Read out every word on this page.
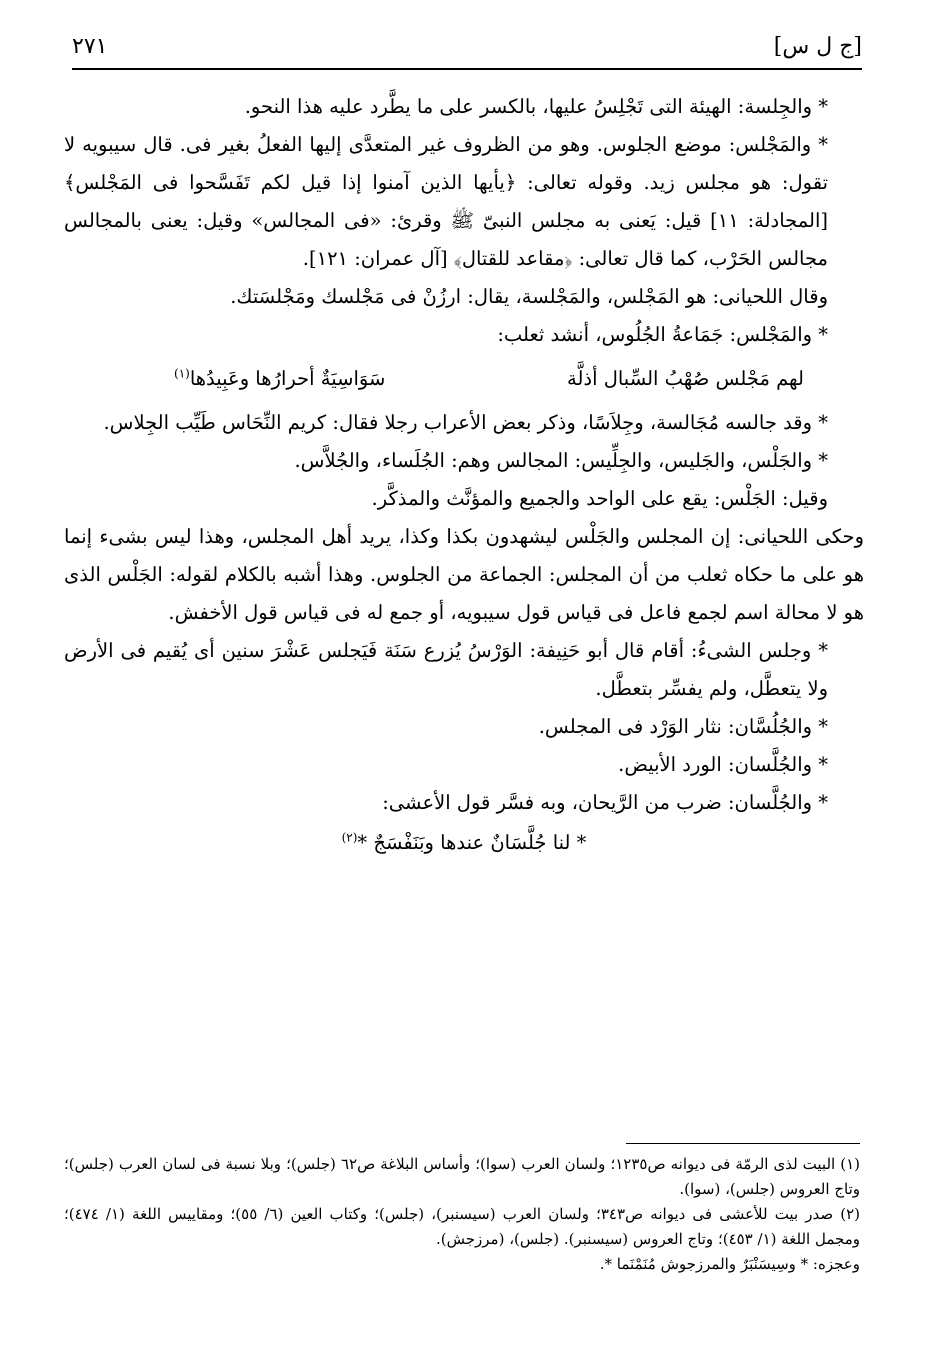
٢٧١	[ج ل س]

* والجِلسة: الهيئة التى تَجْلِسُ عليها، بالكسر على ما يطَّرد عليه هذا النحو.

* والمَجْلس: موضع الجلوس. وهو من الظروف غير المتعدَّى إليها الفعلُ بغير فى. قال سيبويه لا تقول: هو مجلس زيد. وقوله تعالى: ﴿يأيها الذين آمنوا إذا قيل لكم تَفَسَّحوا فى المَجْلس﴾ [المجادلة: ١١] قيل: يَعنى به مجلس النبىّ ﷺ وقرئ: «فى المجالس» وقيل: يعنى بالمجالس مجالس الحَرْب، كما قال تعالى: ﴿مقاعد للقتال﴾ [آل عمران: ١٢١].

وقال اللحيانى: هو المَجْلس، والمَجْلسة، يقال: ارزُنْ فى مَجْلسك ومَجْلسَتك.

* والمَجْلس: جَمَاعةُ الجُلُوس، أنشد ثعلب:

لهم مَجْلس صُهْبُ السِّبال أذلَّة
سَوَاسِيَةٌ أحرارُها وعَبِيدُها$^{(١)}$

* وقد جالسه مُجَالسة، وجِلاَسًا، وذكر بعض الأعراب رجلا فقال: كريم النِّحَاس طَيِّب الجِلاس.

* والجَلْس، والجَليس، والجِلِّيس: المجالس وهم: الجُلَساء، والجُلاَّس.

وقيل: الجَلْس: يقع على الواحد والجميع والمؤنَّث والمذكَّر.

وحكى اللحيانى: إن المجلس والجَلْس ليشهدون بكذا وكذا، يريد أهل المجلس، وهذا ليس بشىء إنما هو على ما حكاه ثعلب من أن المجلس: الجماعة من الجلوس. وهذا أشبه بالكلام لقوله: الجَلْس الذى هو لا محالة اسم لجمع فاعل فى قياس قول سيبويه، أو جمع له فى قياس قول الأخفش.

* وجلس الشىءُ: أقام قال أبو حَنِيفة: الوَرْسُ يُزرع سَنَة فَيَجلس عَشْرَ سنين أى يُقيم فى الأرض ولا يتعطَّل، ولم يفسِّر بتعطَّل.

* والجُلُسَّان: نثار الوَرْد فى المجلس.

* والجُلَّسان: الورد الأبيض.

* والجُلَّسان: ضرب من الرَّيحان، وبه فسَّر قول الأعشى:

* لنا جُلَّسَانٌ عندها وبَنَفْسَجٌ *$^{(٢)}$

(١) البيت لذى الرمّة فى ديوانه ص١٢٣٥؛ ولسان العرب (سوا)؛ وأساس البلاغة ص٦٢ (جلس)؛ وبلا نسبة فى لسان العرب (جلس)؛ وتاج العروس (جلس)، (سوا).

(٢) صدر بيت للأعشى فى ديوانه ص٣٤٣؛ ولسان العرب (سيسنبر)، (جلس)؛ وكتاب العين (٦/ ٥٥)؛ ومقاييس اللغة (١/ ٤٧٤)؛ ومجمل اللغة (١/ ٤٥٣)؛ وتاج العروس (سيسنبر). (جلس)، (مرزجش).

وعجزه: * وسِيسَنْبَرٌ والمرزجوش مُنَمْنَما *.
